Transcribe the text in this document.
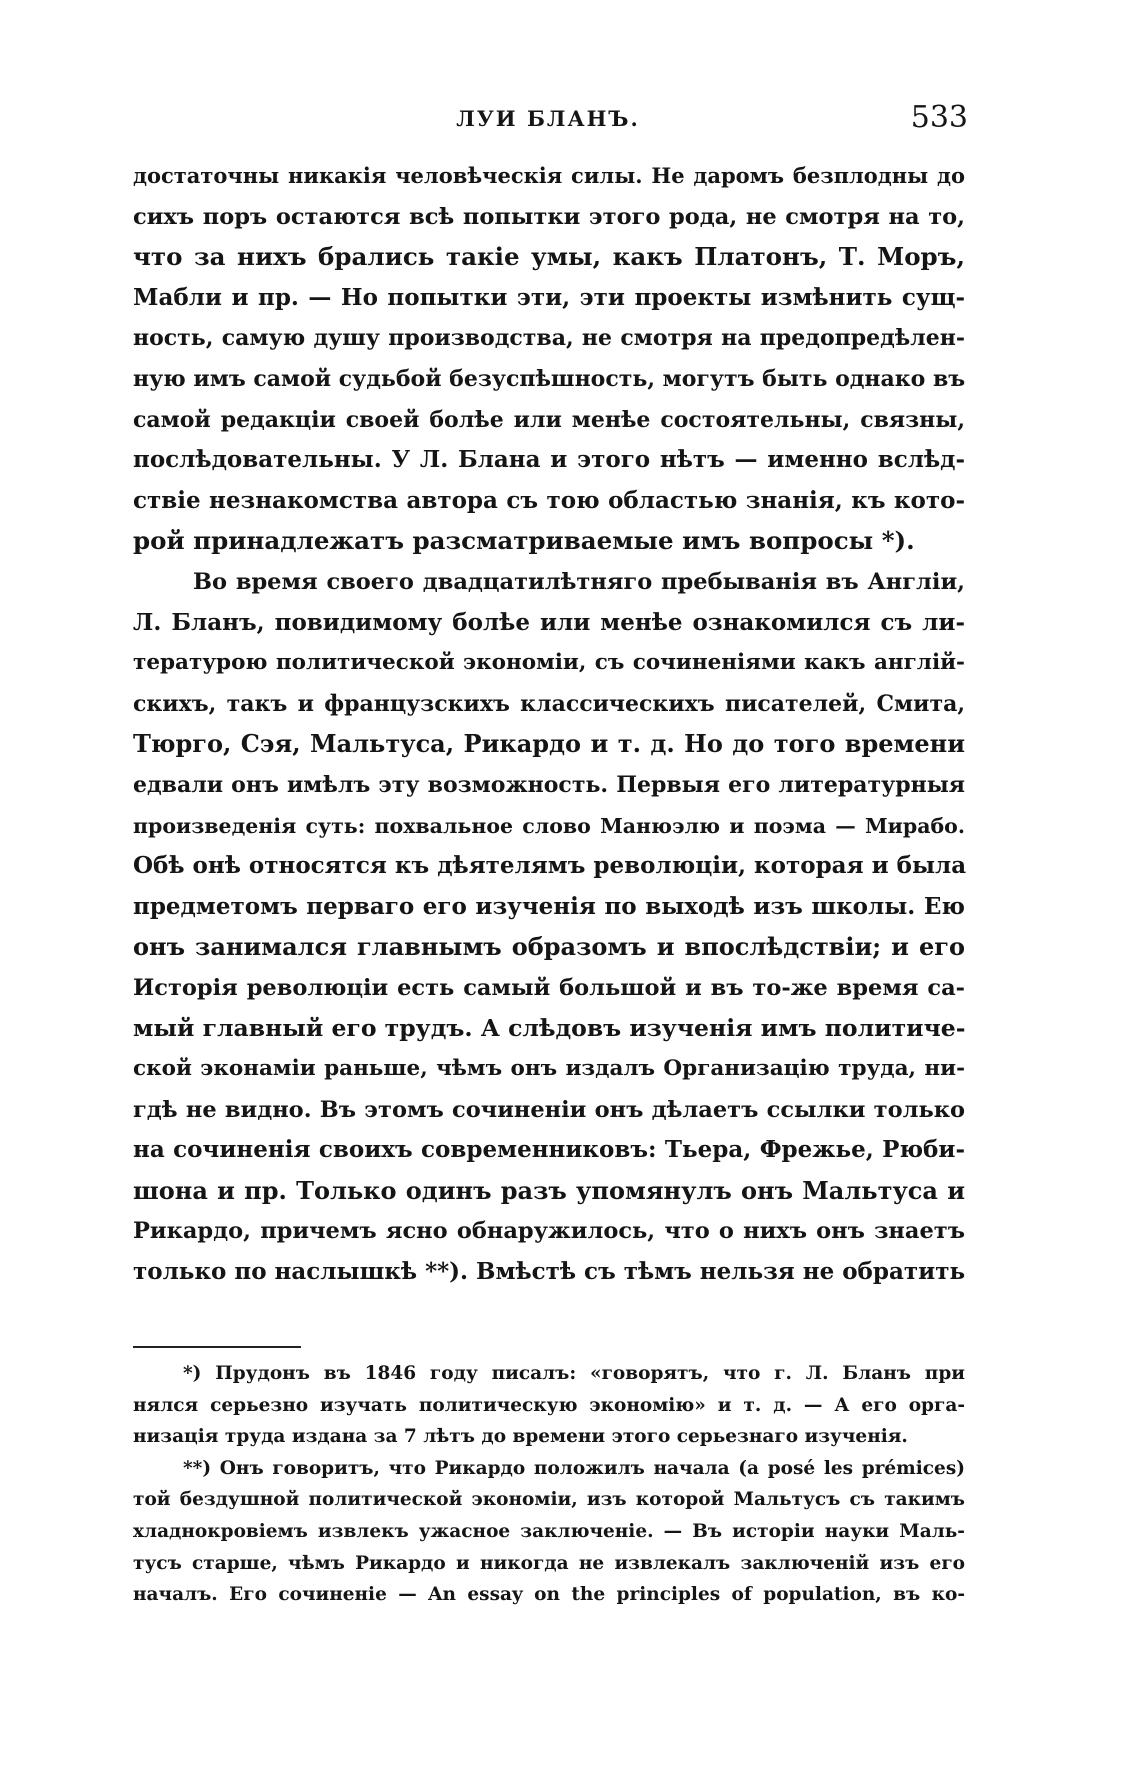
ЛУИ БЛАНЪ.	533
достаточны никакія человѣческія силы. Не даромъ безплодны до
сихъ поръ остаются всѣ попытки этого рода, не смотря на то,
что за нихъ брались такіе умы, какъ Платонъ, Т. Моръ,
Мабли и пр. — Но попытки эти, эти проекты измѣнить сущ-
ность, самую душу производства, не смотря на предопредѣлен-
ную имъ самой судьбой безуспѣшность, могутъ быть однако въ
самой редакціи своей болѣе или менѣе состоятельны, связны,
послѣдовательны. У Л. Блана и этого нѣтъ — именно вслѣд-
ствіе незнакомства автора съ тою областью знанія, къ кото-
рой принадлежатъ разсматриваемые имъ вопросы *).
Во время своего двадцатилѣтняго пребыванія въ Англіи,
Л. Бланъ, повидимому болѣе или менѣе ознакомился съ ли-
тературою политической экономіи, съ сочиненіями какъ англій-
скихъ, такъ и французскихъ классическихъ писателей, Смита,
Тюрго, Сэя, Мальтуса, Рикардо и т. д. Но до того времени
едвали онъ имѣлъ эту возможность. Первыя его литературныя
произведенія суть: похвальное слово Манюэлю и поэма — Мирабо.
Обѣ онѣ относятся къ дѣятелямъ революціи, которая и была
предметомъ перваго его изученія по выходѣ изъ школы. Ею
онъ занимался главнымъ образомъ и впослѣдствіи; и его
Исторія революціи есть самый большой и въ то-же время са-
мый главный его трудъ. А слѣдовъ изученія имъ политиче-
ской эконаміи раньше, чѣмъ онъ издалъ Организацію труда, ни-
гдѣ не видно. Въ этомъ сочиненіи онъ дѣлаетъ ссылки только
на сочиненія своихъ современниковъ: Тьера, Фрежье, Рюби-
шона и пр. Только одинъ разъ упомянулъ онъ Мальтуса и
Рикардо, причемъ ясно обнаружилось, что о нихъ онъ знаетъ
только по наслышкѣ **). Вмѣстѣ съ тѣмъ нельзя не обратить
*) Прудонъ въ 1846 году писалъ: «говорятъ, что г. Л. Бланъ при
нялся серьезно изучать политическую экономію» и т. д. — А его орга-
низація труда издана за 7 лѣтъ до времени этого серьезнаго изученія.
**) Онъ говоритъ, что Рикардо положилъ начала (a posé les prémices)
той бездушной политической экономіи, изъ которой Мальтусъ съ такимъ
хладнокровіемъ извлекъ ужасное заключеніе. — Въ исторіи науки Маль-
тусъ старше, чѣмъ Рикардо и никогда не извлекалъ заключеній изъ его
началъ. Его сочиненіе — An essay on the principles of population, въ ко-
